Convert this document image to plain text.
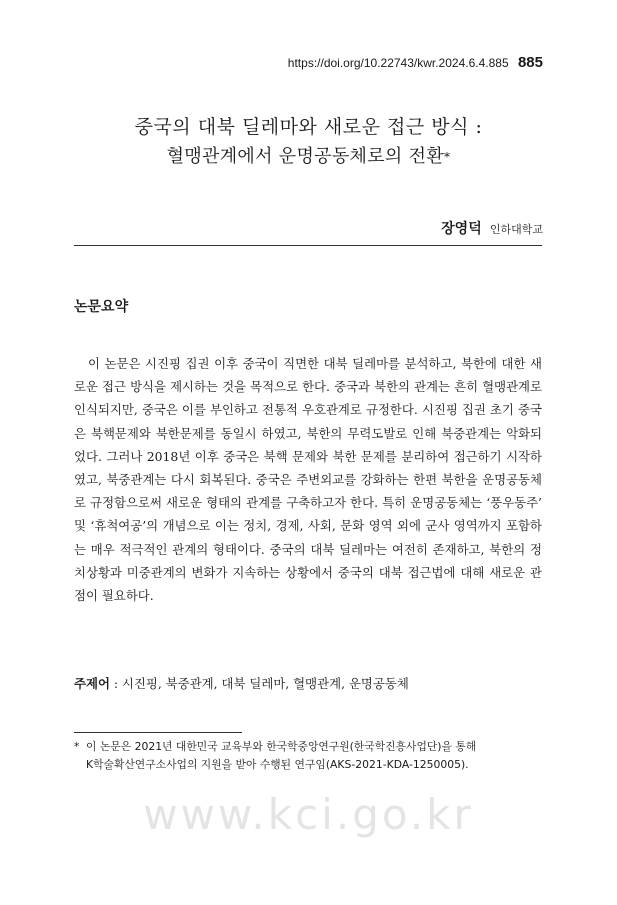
https://doi.org/10.22743/kwr.2024.6.4.885 885
중국의 대북 딜레마와 새로운 접근 방식 :
혈맹관계에서 운명공동체로의 전환*
장영덕 인하대학교
논문요약

이 논문은 시진핑 집권 이후 중국이 직면한 대북 딜레마를 분석하고, 북한에 대한 새로운 접근 방식을 제시하는 것을 목적으로 한다. 중국과 북한의 관계는 흔히 혈맹관계로 인식되지만, 중국은 이를 부인하고 전통적 우호관계로 규정한다. 시진핑 집권 초기 중국은 북핵문제와 북한문제를 동일시 하였고, 북한의 무력도발로 인해 북중관계는 악화되었다. 그러나 2018년 이후 중국은 북핵 문제와 북한 문제를 분리하여 접근하기 시작하였고, 북중관계는 다시 회복된다. 중국은 주변외교를 강화하는 한편 북한을 운명공동체로 규정함으로써 새로운 형태의 관계를 구축하고자 한다. 특히 운명공동체는 ‘풍우동주’ 및 ‘휴척여공’의 개념으로 이는 정치, 경제, 사회, 문화 영역 외에 군사 영역까지 포함하는 매우 적극적인 관계의 형태이다. 중국의 대북 딜레마는 여전히 존재하고, 북한의 정치상황과 미중관계의 변화가 지속하는 상황에서 중국의 대북 접근법에 대해 새로운 관점이 필요하다.

주제어 : 시진핑, 북중관계, 대북 딜레마, 혈맹관계, 운명공동체
* 이 논문은 2021년 대한민국 교육부와 한국학중앙연구원(한국학진흥사업단)을 통해
K학술확산연구소사업의 지원을 받아 수행된 연구임(AKS-2021-KDA-1250005).
www.kci.go.kr
